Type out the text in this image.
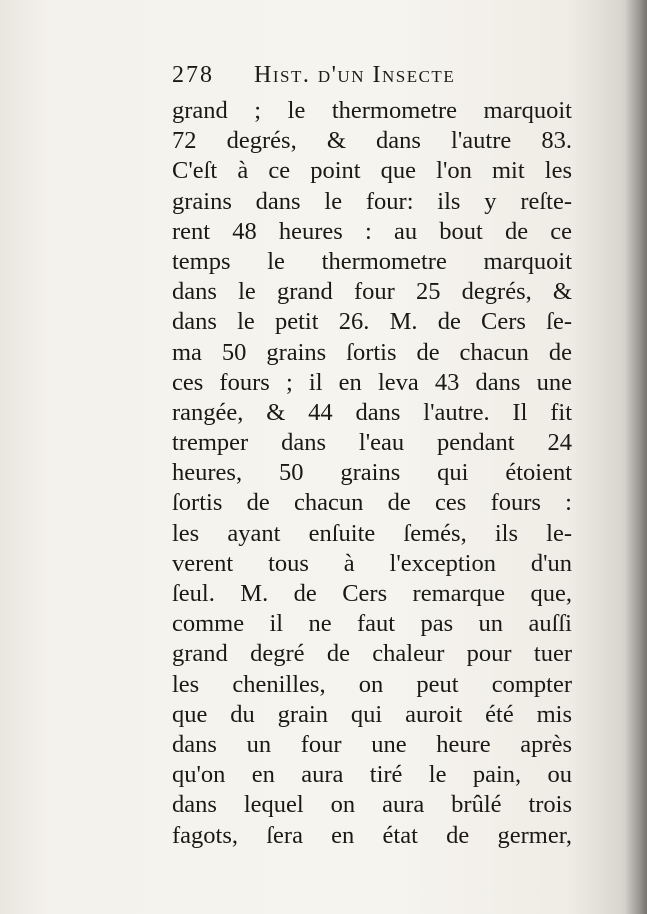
278 Hist. d'un Insecte
grand ; le thermometre marquoit
72 degrés, & dans l'autre 83.
C'eſt à ce point que l'on mit les
grains dans le four: ils y reſte-
rent 48 heures : au bout de ce
temps le thermometre marquoit
dans le grand four 25 degrés, &
dans le petit 26. M. de Cers ſe-
ma 50 grains ſortis de chacun de
ces fours ; il en leva 43 dans une
rangée, & 44 dans l'autre. Il fit
tremper dans l'eau pendant 24
heures, 50 grains qui étoient
ſortis de chacun de ces fours :
les ayant enſuite ſemés, ils le-
verent tous à l'exception d'un
ſeul. M. de Cers remarque que,
comme il ne faut pas un auſſi
grand degré de chaleur pour tuer
les chenilles, on peut compter
que du grain qui auroit été mis
dans un four une heure après
qu'on en aura tiré le pain, ou
dans lequel on aura brûlé trois
fagots, ſera en état de germer,
